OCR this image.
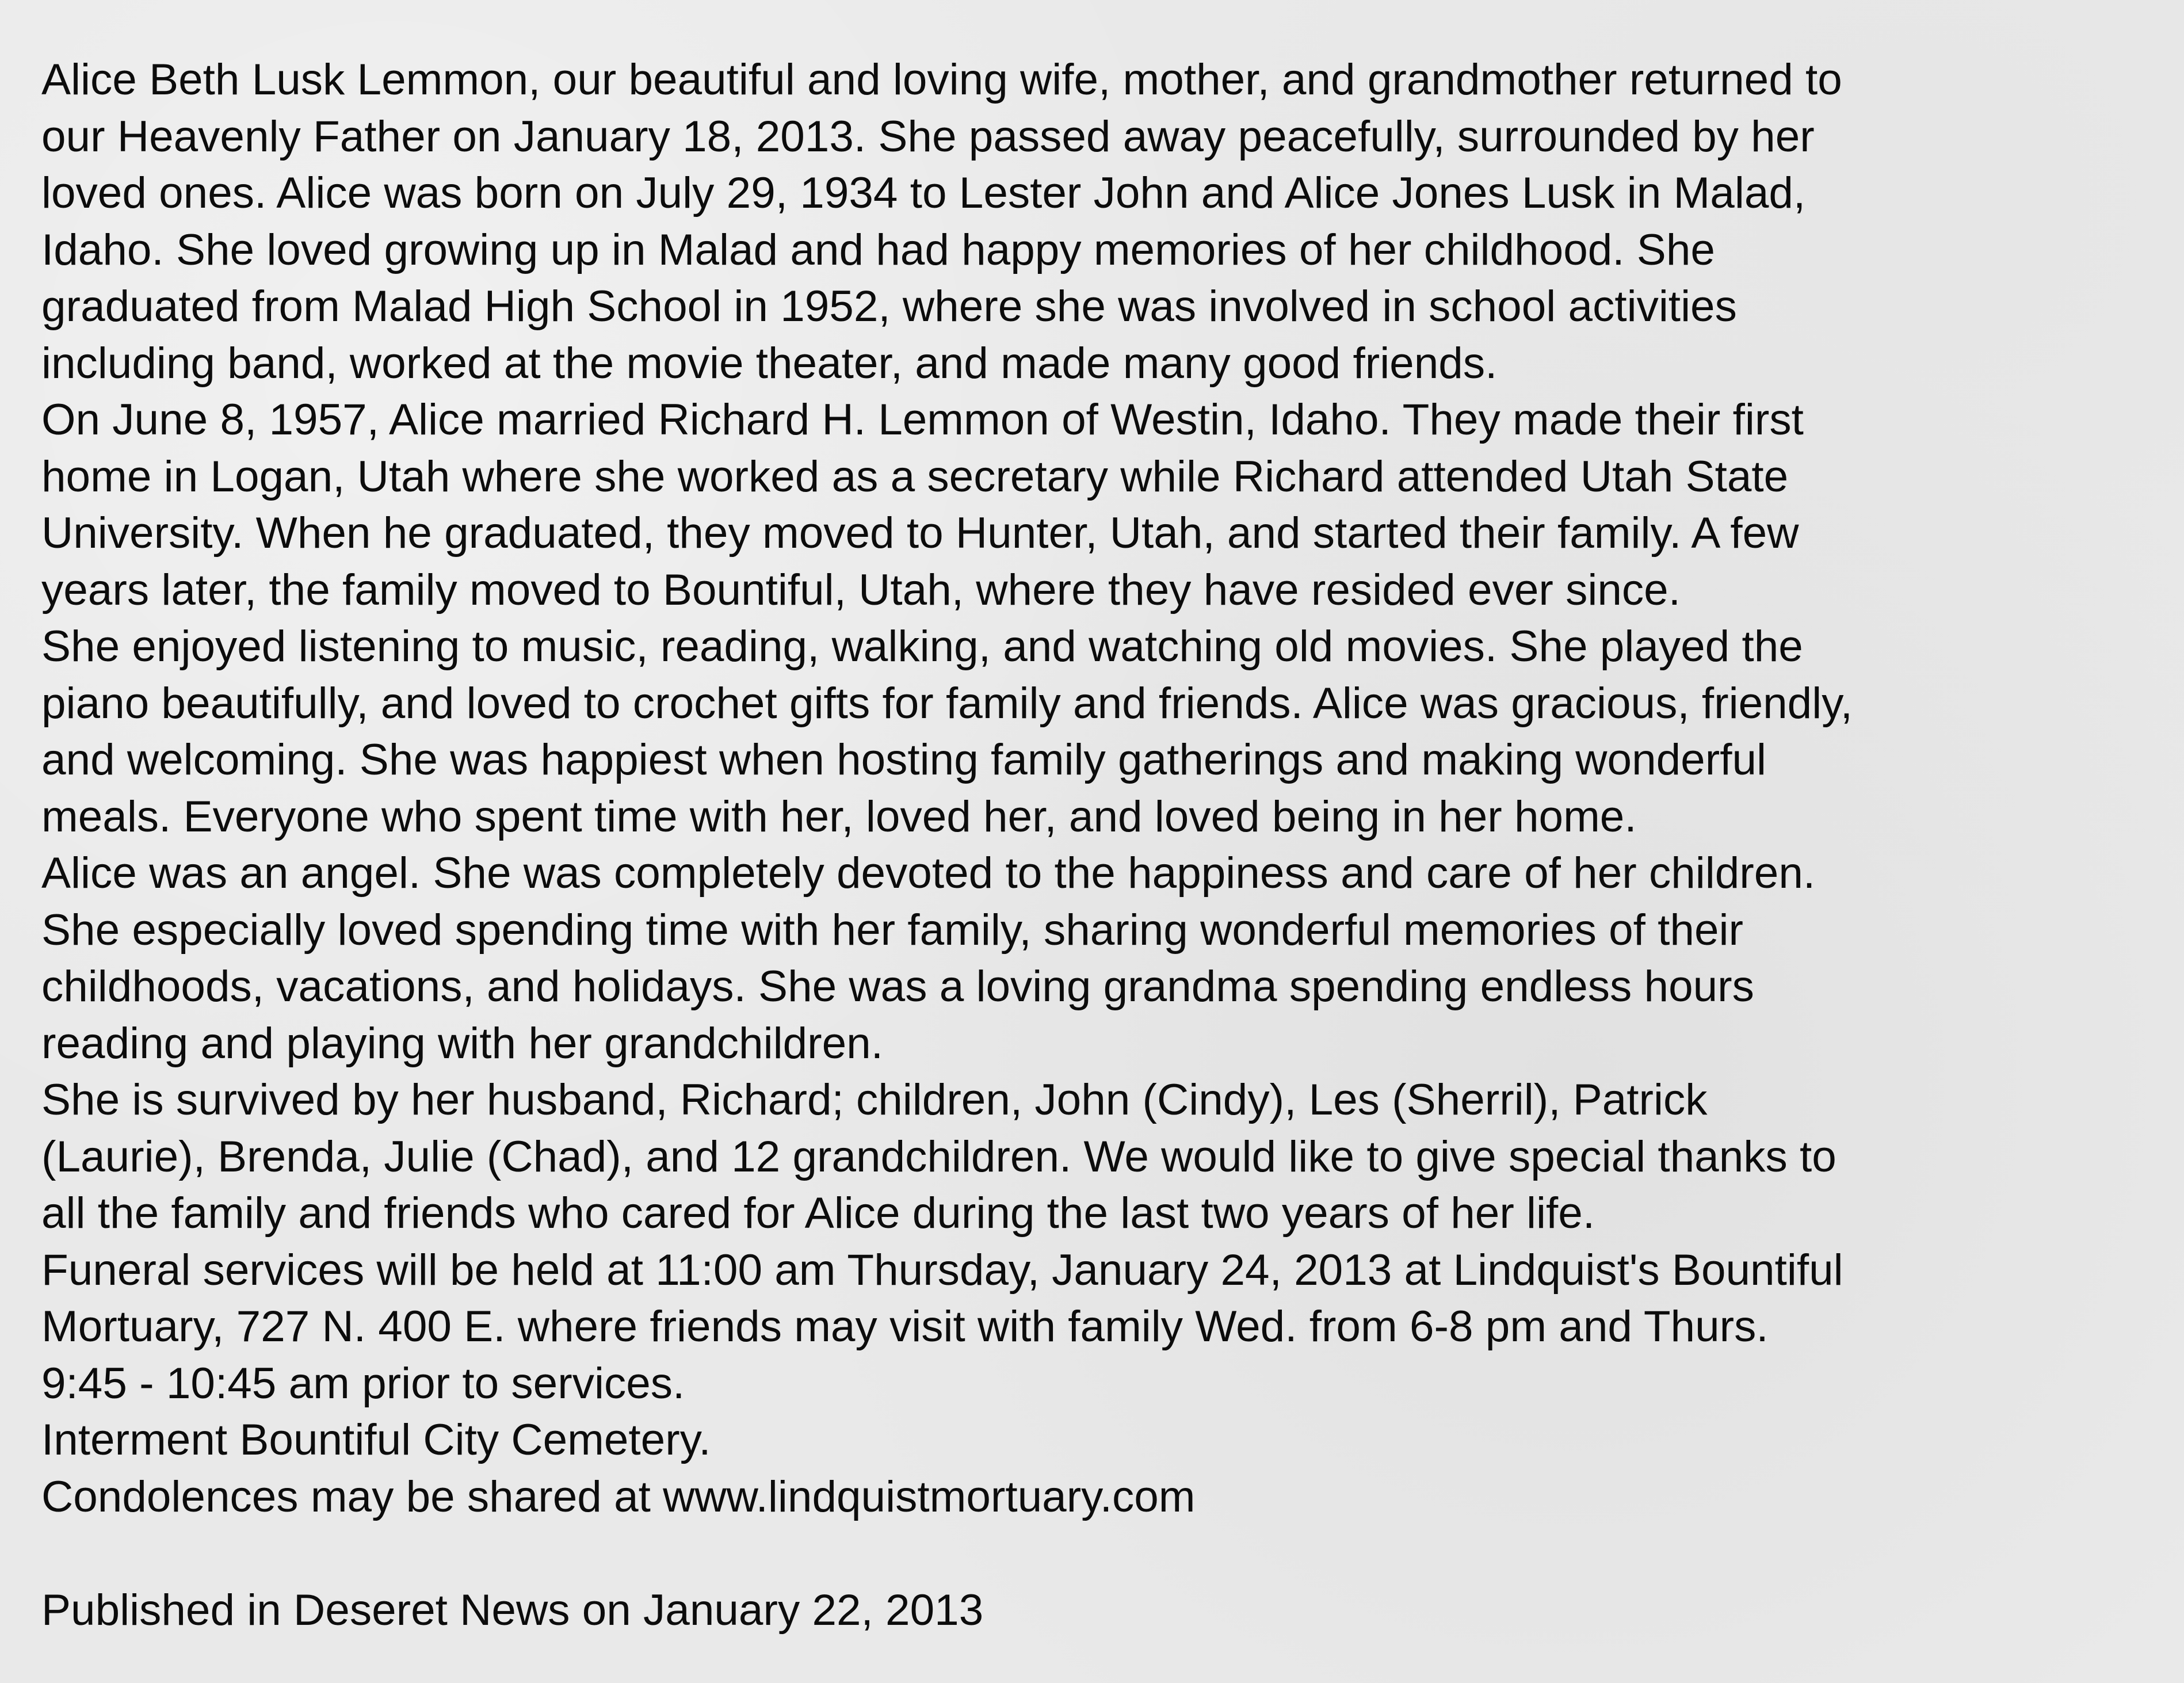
Alice Beth Lusk Lemmon, our beautiful and loving wife, mother, and grandmother returned to
our Heavenly Father on January 18, 2013. She passed away peacefully, surrounded by her
loved ones. Alice was born on July 29, 1934 to Lester John and Alice Jones Lusk in Malad,
Idaho. She loved growing up in Malad and had happy memories of her childhood. She
graduated from Malad High School in 1952, where she was involved in school activities
including band, worked at the movie theater, and made many good friends.
On June 8, 1957, Alice married Richard H. Lemmon of Westin, Idaho. They made their first
home in Logan, Utah where she worked as a secretary while Richard attended Utah State
University. When he graduated, they moved to Hunter, Utah, and started their family. A few
years later, the family moved to Bountiful, Utah, where they have resided ever since.
She enjoyed listening to music, reading, walking, and watching old movies. She played the
piano beautifully, and loved to crochet gifts for family and friends. Alice was gracious, friendly,
and welcoming. She was happiest when hosting family gatherings and making wonderful
meals. Everyone who spent time with her, loved her, and loved being in her home.
Alice was an angel. She was completely devoted to the happiness and care of her children.
She especially loved spending time with her family, sharing wonderful memories of their
childhoods, vacations, and holidays. She was a loving grandma spending endless hours
reading and playing with her grandchildren.
She is survived by her husband, Richard; children, John (Cindy), Les (Sherril), Patrick
(Laurie), Brenda, Julie (Chad), and 12 grandchildren. We would like to give special thanks to
all the family and friends who cared for Alice during the last two years of her life.
Funeral services will be held at 11:00 am Thursday, January 24, 2013 at Lindquist's Bountiful
Mortuary, 727 N. 400 E. where friends may visit with family Wed. from 6-8 pm and Thurs.
9:45 - 10:45 am prior to services.
Interment Bountiful City Cemetery.
Condolences may be shared at www.lindquistmortuary.com
Published in Deseret News on January 22, 2013
